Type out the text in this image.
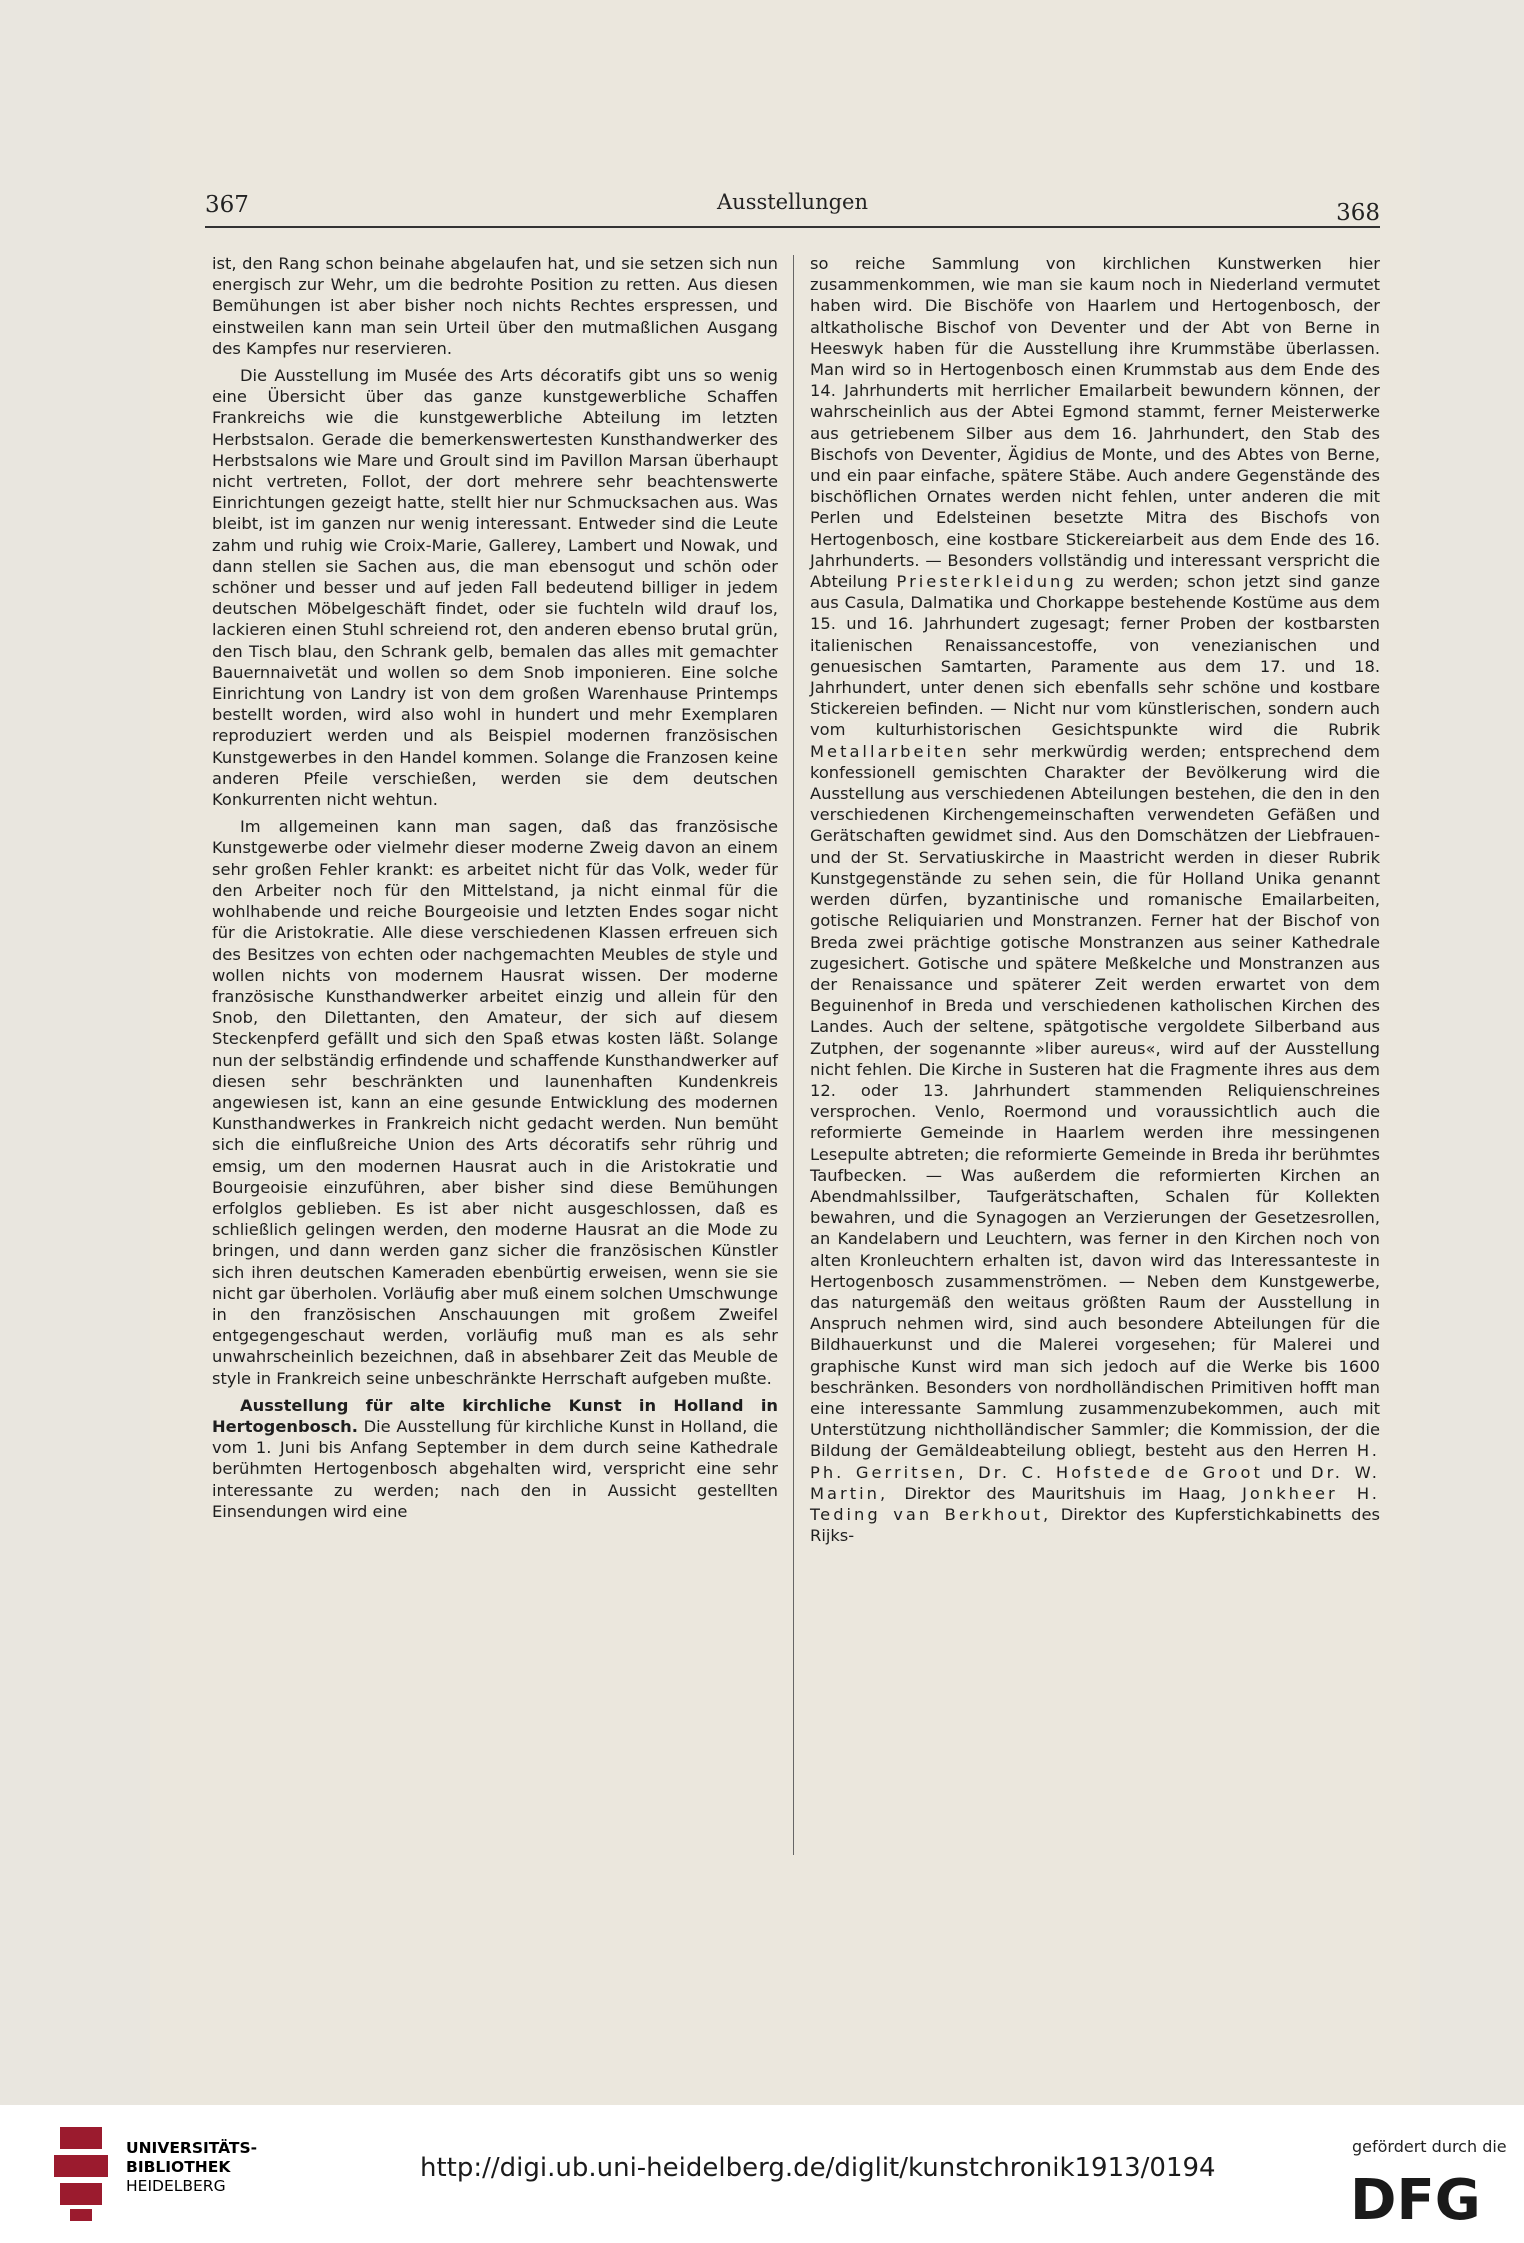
367	Ausstellungen	368

ist, den Rang schon beinahe abgelaufen hat, und sie setzen sich nun energisch zur Wehr, um die bedrohte Position zu retten. Aus diesen Bemühungen ist aber bisher noch nichts Rechtes erspressen, und einstweilen kann man sein Urteil über den mutmaßlichen Ausgang des Kampfes nur reservieren.

Die Ausstellung im Musée des Arts décoratifs gibt uns so wenig eine Übersicht über das ganze kunstgewerbliche Schaffen Frankreichs wie die kunstgewerbliche Abteilung im letzten Herbstsalon. Gerade die bemerkenswertesten Kunsthandwerker des Herbstsalons wie Mare und Groult sind im Pavillon Marsan überhaupt nicht vertreten, Follot, der dort mehrere sehr beachtenswerte Einrichtungen gezeigt hatte, stellt hier nur Schmucksachen aus. Was bleibt, ist im ganzen nur wenig interessant. Entweder sind die Leute zahm und ruhig wie Croix-Marie, Gallerey, Lambert und Nowak, und dann stellen sie Sachen aus, die man ebensogut und schön oder schöner und besser und auf jeden Fall bedeutend billiger in jedem deutschen Möbelgeschäft findet, oder sie fuchteln wild drauf los, lackieren einen Stuhl schreiend rot, den anderen ebenso brutal grün, den Tisch blau, den Schrank gelb, bemalen das alles mit gemachter Bauernnaivetät und wollen so dem Snob imponieren. Eine solche Einrichtung von Landry ist von dem großen Warenhause Printemps bestellt worden, wird also wohl in hundert und mehr Exemplaren reproduziert werden und als Beispiel modernen französischen Kunstgewerbes in den Handel kommen. Solange die Franzosen keine anderen Pfeile verschießen, werden sie dem deutschen Konkurrenten nicht wehtun.

Im allgemeinen kann man sagen, daß das französische Kunstgewerbe oder vielmehr dieser moderne Zweig davon an einem sehr großen Fehler krankt: es arbeitet nicht für das Volk, weder für den Arbeiter noch für den Mittelstand, ja nicht einmal für die wohlhabende und reiche Bourgeoisie und letzten Endes sogar nicht für die Aristokratie. Alle diese verschiedenen Klassen erfreuen sich des Besitzes von echten oder nachgemachten Meubles de style und wollen nichts von modernem Hausrat wissen. Der moderne französische Kunsthandwerker arbeitet einzig und allein für den Snob, den Dilettanten, den Amateur, der sich auf diesem Steckenpferd gefällt und sich den Spaß etwas kosten läßt. Solange nun der selbständig erfindende und schaffende Kunsthandwerker auf diesen sehr beschränkten und launenhaften Kundenkreis angewiesen ist, kann an eine gesunde Entwicklung des modernen Kunsthandwerkes in Frankreich nicht gedacht werden. Nun bemüht sich die einflußreiche Union des Arts décoratifs sehr rührig und emsig, um den modernen Hausrat auch in die Aristokratie und Bourgeoisie einzuführen, aber bisher sind diese Bemühungen erfolglos geblieben. Es ist aber nicht ausgeschlossen, daß es schließlich gelingen werden, den moderne Hausrat an die Mode zu bringen, und dann werden ganz sicher die französischen Künstler sich ihren deutschen Kameraden ebenbürtig erweisen, wenn sie sie nicht gar überholen. Vorläufig aber muß einem solchen Umschwunge in den französischen Anschauungen mit großem Zweifel entgegengeschaut werden, vorläufig muß man es als sehr unwahrscheinlich bezeichnen, daß in absehbarer Zeit das Meuble de style in Frankreich seine unbeschränkte Herrschaft aufgeben mußte.

Ausstellung für alte kirchliche Kunst in Holland in Hertogenbosch. Die Ausstellung für kirchliche Kunst in Holland, die vom 1. Juni bis Anfang September in dem durch seine Kathedrale berühmten Hertogenbosch abgehalten wird, verspricht eine sehr interessante zu werden; nach den in Aussicht gestellten Einsendungen wird eine

so reiche Sammlung von kirchlichen Kunstwerken hier zusammenkommen, wie man sie kaum noch in Niederland vermutet haben wird. Die Bischöfe von Haarlem und Hertogenbosch, der altkatholische Bischof von Deventer und der Abt von Berne in Heeswyk haben für die Ausstellung ihre Krummstäbe überlassen. Man wird so in Hertogenbosch einen Krummstab aus dem Ende des 14. Jahrhunderts mit herrlicher Emailarbeit bewundern können, der wahrscheinlich aus der Abtei Egmond stammt, ferner Meisterwerke aus getriebenem Silber aus dem 16. Jahrhundert, den Stab des Bischofs von Deventer, Ägidius de Monte, und des Abtes von Berne, und ein paar einfache, spätere Stäbe. Auch andere Gegenstände des bischöflichen Ornates werden nicht fehlen, unter anderen die mit Perlen und Edelsteinen besetzte Mitra des Bischofs von Hertogenbosch, eine kostbare Stickereiarbeit aus dem Ende des 16. Jahrhunderts. — Besonders vollständig und interessant verspricht die Abteilung Priesterkleidung zu werden; schon jetzt sind ganze aus Casula, Dalmatika und Chorkappe bestehende Kostüme aus dem 15. und 16. Jahrhundert zugesagt; ferner Proben der kostbarsten italienischen Renaissancestoffe, von venezianischen und genuesischen Samtarten, Paramente aus dem 17. und 18. Jahrhundert, unter denen sich ebenfalls sehr schöne und kostbare Stickereien befinden. — Nicht nur vom künstlerischen, sondern auch vom kulturhistorischen Gesichtspunkte wird die Rubrik Metallarbeiten sehr merkwürdig werden; entsprechend dem konfessionell gemischten Charakter der Bevölkerung wird die Ausstellung aus verschiedenen Abteilungen bestehen, die den in den verschiedenen Kirchengemeinschaften verwendeten Gefäßen und Gerätschaften gewidmet sind. Aus den Domschätzen der Liebfrauen- und der St. Servatiuskirche in Maastricht werden in dieser Rubrik Kunstgegenstände zu sehen sein, die für Holland Unika genannt werden dürfen, byzantinische und romanische Emailarbeiten, gotische Reliquiarien und Monstranzen. Ferner hat der Bischof von Breda zwei prächtige gotische Monstranzen aus seiner Kathedrale zugesichert. Gotische und spätere Meßkelche und Monstranzen aus der Renaissance und späterer Zeit werden erwartet von dem Beguinenhof in Breda und verschiedenen katholischen Kirchen des Landes. Auch der seltene, spätgotische vergoldete Silberband aus Zutphen, der sogenannte »liber aureus«, wird auf der Ausstellung nicht fehlen. Die Kirche in Susteren hat die Fragmente ihres aus dem 12. oder 13. Jahrhundert stammenden Reliquienschreines versprochen. Venlo, Roermond und voraussichtlich auch die reformierte Gemeinde in Haarlem werden ihre messingenen Lesepulte abtreten; die reformierte Gemeinde in Breda ihr berühmtes Taufbecken. — Was außerdem die reformierten Kirchen an Abendmahlssilber, Taufgerätschaften, Schalen für Kollekten bewahren, und die Synagogen an Verzierungen der Gesetzesrollen, an Kandelabern und Leuchtern, was ferner in den Kirchen noch von alten Kronleuchtern erhalten ist, davon wird das Interessanteste in Hertogenbosch zusammenströmen. — Neben dem Kunstgewerbe, das naturgemäß den weitaus größten Raum der Ausstellung in Anspruch nehmen wird, sind auch besondere Abteilungen für die Bildhauerkunst und die Malerei vorgesehen; für Malerei und graphische Kunst wird man sich jedoch auf die Werke bis 1600 beschränken. Besonders von nordholländischen Primitiven hofft man eine interessante Sammlung zusammenzubekommen, auch mit Unterstützung nichtholländischer Sammler; die Kommission, der die Bildung der Gemäldeabteilung obliegt, besteht aus den Herren H. Ph. Gerritsen, Dr. C. Hofstede de Groot und Dr. W. Martin, Direktor des Mauritshuis im Haag, Jonkheer H. Teding van Berkhout, Direktor des Kupferstichkabinetts des Rijks-

UNIVERSITÄTS-
BIBLIOTHEK
HEIDELBERG
http://digi.ub.uni-heidelberg.de/diglit/kunstchronik1913/0194
gefördert durch die
DFG
